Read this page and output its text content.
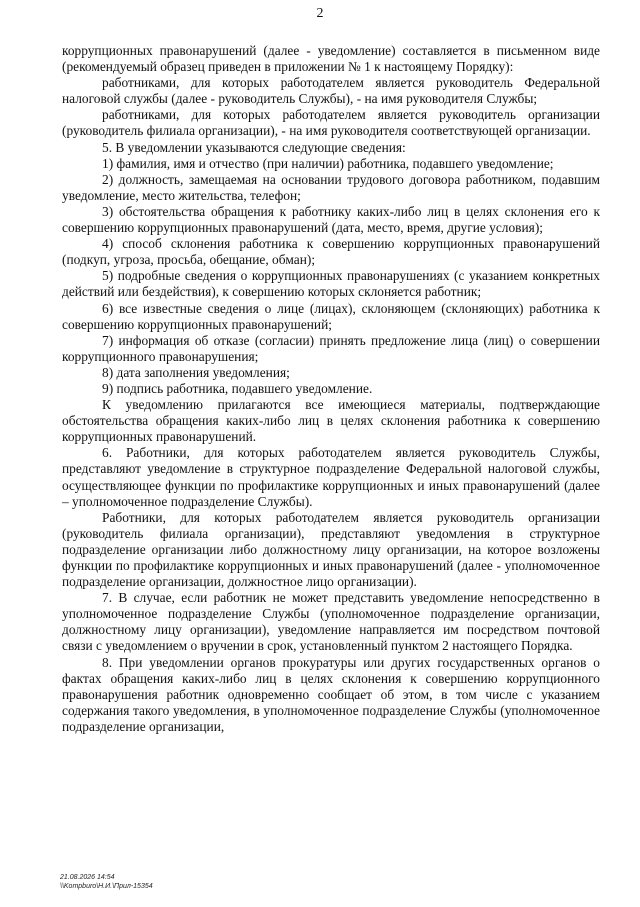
2

коррупционных правонарушений (далее - уведомление) составляется в письменном виде (рекомендуемый образец приведен в приложении № 1 к настоящему Порядку):

работниками, для которых работодателем является руководитель Федеральной налоговой службы (далее - руководитель Службы), - на имя руководителя Службы;

работниками, для которых работодателем является руководитель организации (руководитель филиала организации), - на имя руководителя соответствующей организации.

5. В уведомлении указываются следующие сведения:

1) фамилия, имя и отчество (при наличии) работника, подавшего уведомление;

2) должность, замещаемая на основании трудового договора работником, подавшим уведомление, место жительства, телефон;

3) обстоятельства обращения к работнику каких-либо лиц в целях склонения его к совершению коррупционных правонарушений (дата, место, время, другие условия);

4) способ склонения работника к совершению коррупционных правонарушений (подкуп, угроза, просьба, обещание, обман);

5) подробные сведения о коррупционных правонарушениях (с указанием конкретных действий или бездействия), к совершению которых склоняется работник;

6) все известные сведения о лице (лицах), склоняющем (склоняющих) работника к совершению коррупционных правонарушений;

7) информация об отказе (согласии) принять предложение лица (лиц) о совершении коррупционного правонарушения;

8) дата заполнения уведомления;

9) подпись работника, подавшего уведомление.

К уведомлению прилагаются все имеющиеся материалы, подтверждающие обстоятельства обращения каких-либо лиц в целях склонения работника к совершению коррупционных правонарушений.

6. Работники, для которых работодателем является руководитель Службы, представляют уведомление в структурное подразделение Федеральной налоговой службы, осуществляющее функции по профилактике коррупционных и иных правонарушений (далее – уполномоченное подразделение Службы).

Работники, для которых работодателем является руководитель организации (руководитель филиала организации), представляют уведомления в структурное подразделение организации либо должностному лицу организации, на которое возложены функции по профилактике коррупционных и иных правонарушений (далее - уполномоченное подразделение организации, должностное лицо организации).

7. В случае, если работник не может представить уведомление непосредственно в уполномоченное подразделение Службы (уполномоченное подразделение организации, должностному лицу организации), уведомление направляется им посредством почтовой связи с уведомлением о вручении в срок, установленный пунктом 2 настоящего Порядка.

8. При уведомлении органов прокуратуры или других государственных органов о фактах обращения каких-либо лиц в целях склонения к совершению коррупционного правонарушения работник одновременно сообщает об этом, в том числе с указанием содержания такого уведомления, в уполномоченное подразделение Службы (уполномоченное подразделение организации,

21.08.2026 14:54
\\Kompburo\Н.И.\Прил-15354
